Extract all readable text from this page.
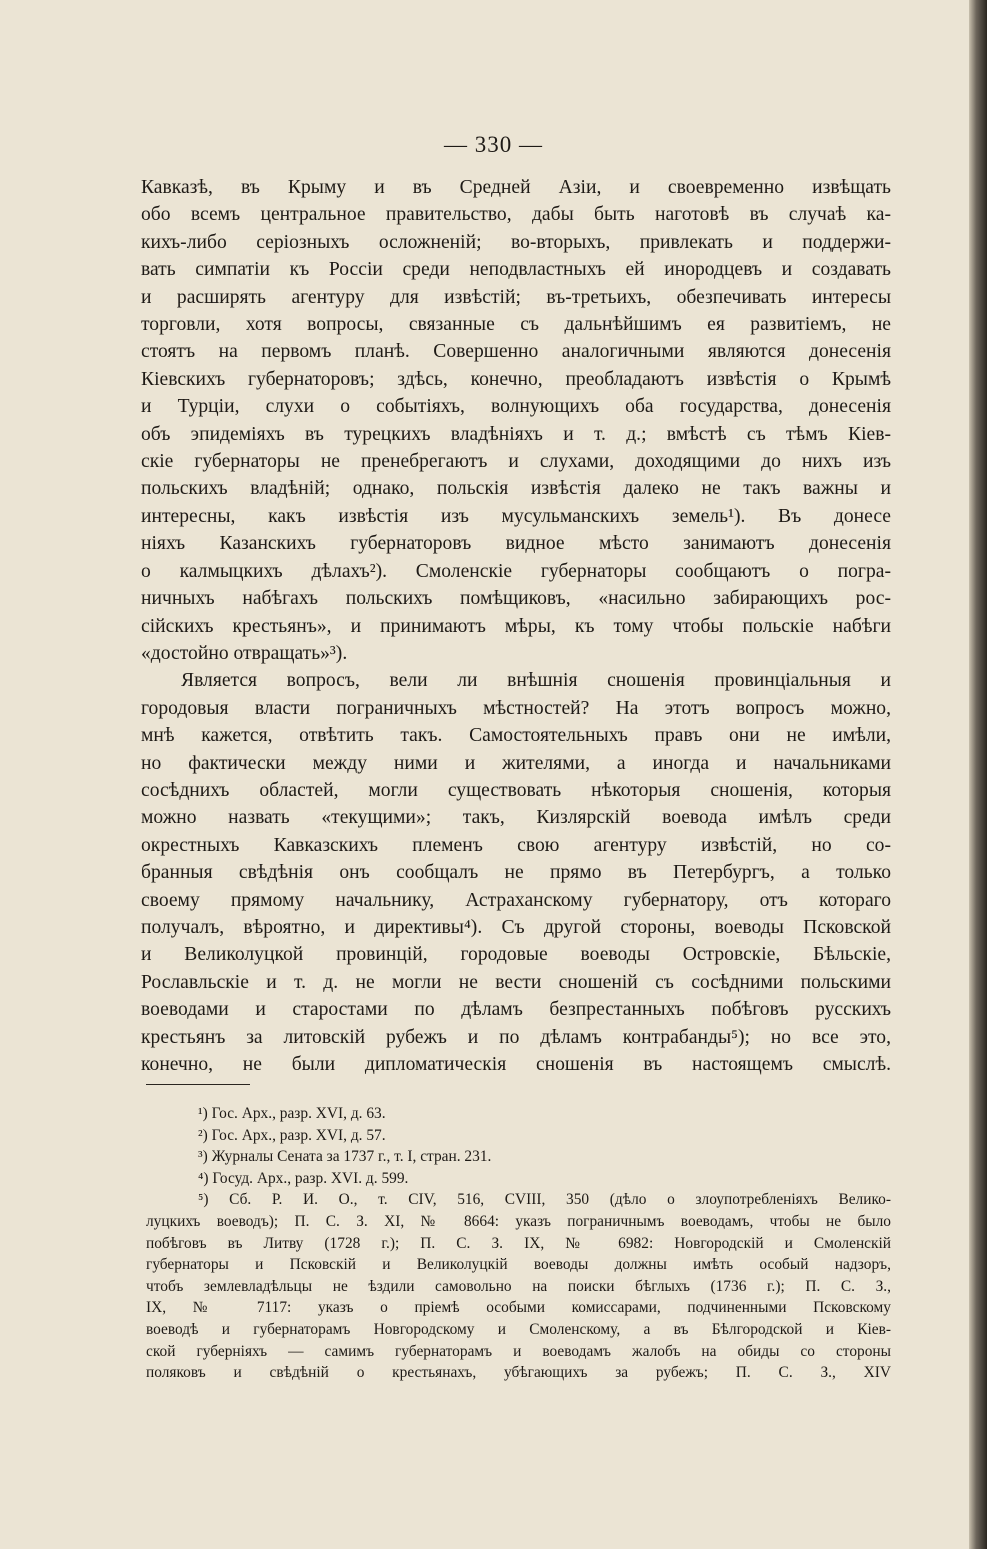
— 330 —
Кавказѣ, въ Крыму и въ Средней Азіи, и своевременно извѣщать
обо всемъ центральное правительство, дабы быть наготовѣ въ случаѣ ка-
кихъ-либо серіозныхъ осложненій; во-вторыхъ, привлекать и поддержи-
вать симпатіи къ Россіи среди неподвластныхъ ей инородцевъ и создавать
и расширять агентуру для извѣстій; въ-третьихъ, обезпечивать интересы
торговли, хотя вопросы, связанные съ дальнѣйшимъ ея развитіемъ, не
стоятъ на первомъ планѣ. Совершенно аналогичными являются донесенія
Кіевскихъ губернаторовъ; здѣсь, конечно, преобладаютъ извѣстія о Крымѣ
и Турціи, слухи о событіяхъ, волнующихъ оба государства, донесенія
объ эпидеміяхъ въ турецкихъ владѣніяхъ и т. д.; вмѣстѣ съ тѣмъ Кіев-
скіе губернаторы не пренебрегаютъ и слухами, доходящими до нихъ изъ
польскихъ владѣній; однако, польскія извѣстія далеко не такъ важны и
интересны, какъ извѣстія изъ мусульманскихъ земель¹). Въ донесе
ніяхъ Казанскихъ губернаторовъ видное мѣсто занимаютъ донесенія
о калмыцкихъ дѣлахъ²). Смоленскіе губернаторы сообщаютъ о погра-
ничныхъ набѣгахъ польскихъ помѣщиковъ, «насильно забирающихъ рос-
сійскихъ крестьянъ», и принимаютъ мѣры, къ тому чтобы польскіе набѣги
«достойно отвращать»³).
Является вопросъ, вели ли внѣшнія сношенія провинціальныя и
городовыя власти пограничныхъ мѣстностей? На этотъ вопросъ можно,
мнѣ кажется, отвѣтить такъ. Самостоятельныхъ правъ они не имѣли,
но фактически между ними и жителями, а иногда и начальниками
сосѣднихъ областей, могли существовать нѣкоторыя сношенія, которыя
можно назвать «текущими»; такъ, Кизлярскій воевода имѣлъ среди
окрестныхъ Кавказскихъ племенъ свою агентуру извѣстій, но со-
бранныя свѣдѣнія онъ сообщалъ не прямо въ Петербургъ, а только
своему прямому начальнику, Астраханскому губернатору, отъ котораго
получалъ, вѣроятно, и директивы⁴). Съ другой стороны, воеводы Псковской
и Великолуцкой провинцій, городовые воеводы Островскіе, Бѣльскіе,
Рославльскіе и т. д. не могли не вести сношеній съ сосѣдними польскими
воеводами и старостами по дѣламъ безпрестанныхъ побѣговъ русскихъ
крестьянъ за литовскій рубежъ и по дѣламъ контрабанды⁵); но все это,
конечно, не были дипломатическія сношенія въ настоящемъ смыслѣ.
¹) Гос. Арх., разр. XVI, д. 63.
²) Гос. Арх., разр. XVI, д. 57.
³) Журналы Сената за 1737 г., т. I, стран. 231.
⁴) Госуд. Арх., разр. XVI. д. 599.
⁵) Сб. Р. И. О., т. CIV, 516, CVIII, 350 (дѣло о злоупотребленіяхъ Велико-
луцкихъ воеводъ); П. С. З. XI, № 8664: указъ пограничнымъ воеводамъ, чтобы не было
побѣговъ въ Литву (1728 г.); П. С. З. IX, № 6982: Новгородскій и Смоленскій
губернаторы и Псковскій и Великолуцкій воеводы должны имѣть особый надзоръ,
чтобъ землевладѣльцы не ѣздили самовольно на поиски бѣглыхъ (1736 г.); П. С. З.,
IX, № 7117: указъ о пріемѣ особыми комиссарами, подчиненными Псковскому
воеводѣ и губернаторамъ Новгородскому и Смоленскому, а въ Бѣлгородской и Кіев-
ской губерніяхъ — самимъ губернаторамъ и воеводамъ жалобъ на обиды со стороны
поляковъ и свѣдѣній о крестьянахъ, убѣгающихъ за рубежъ; П. С. З., XIV
